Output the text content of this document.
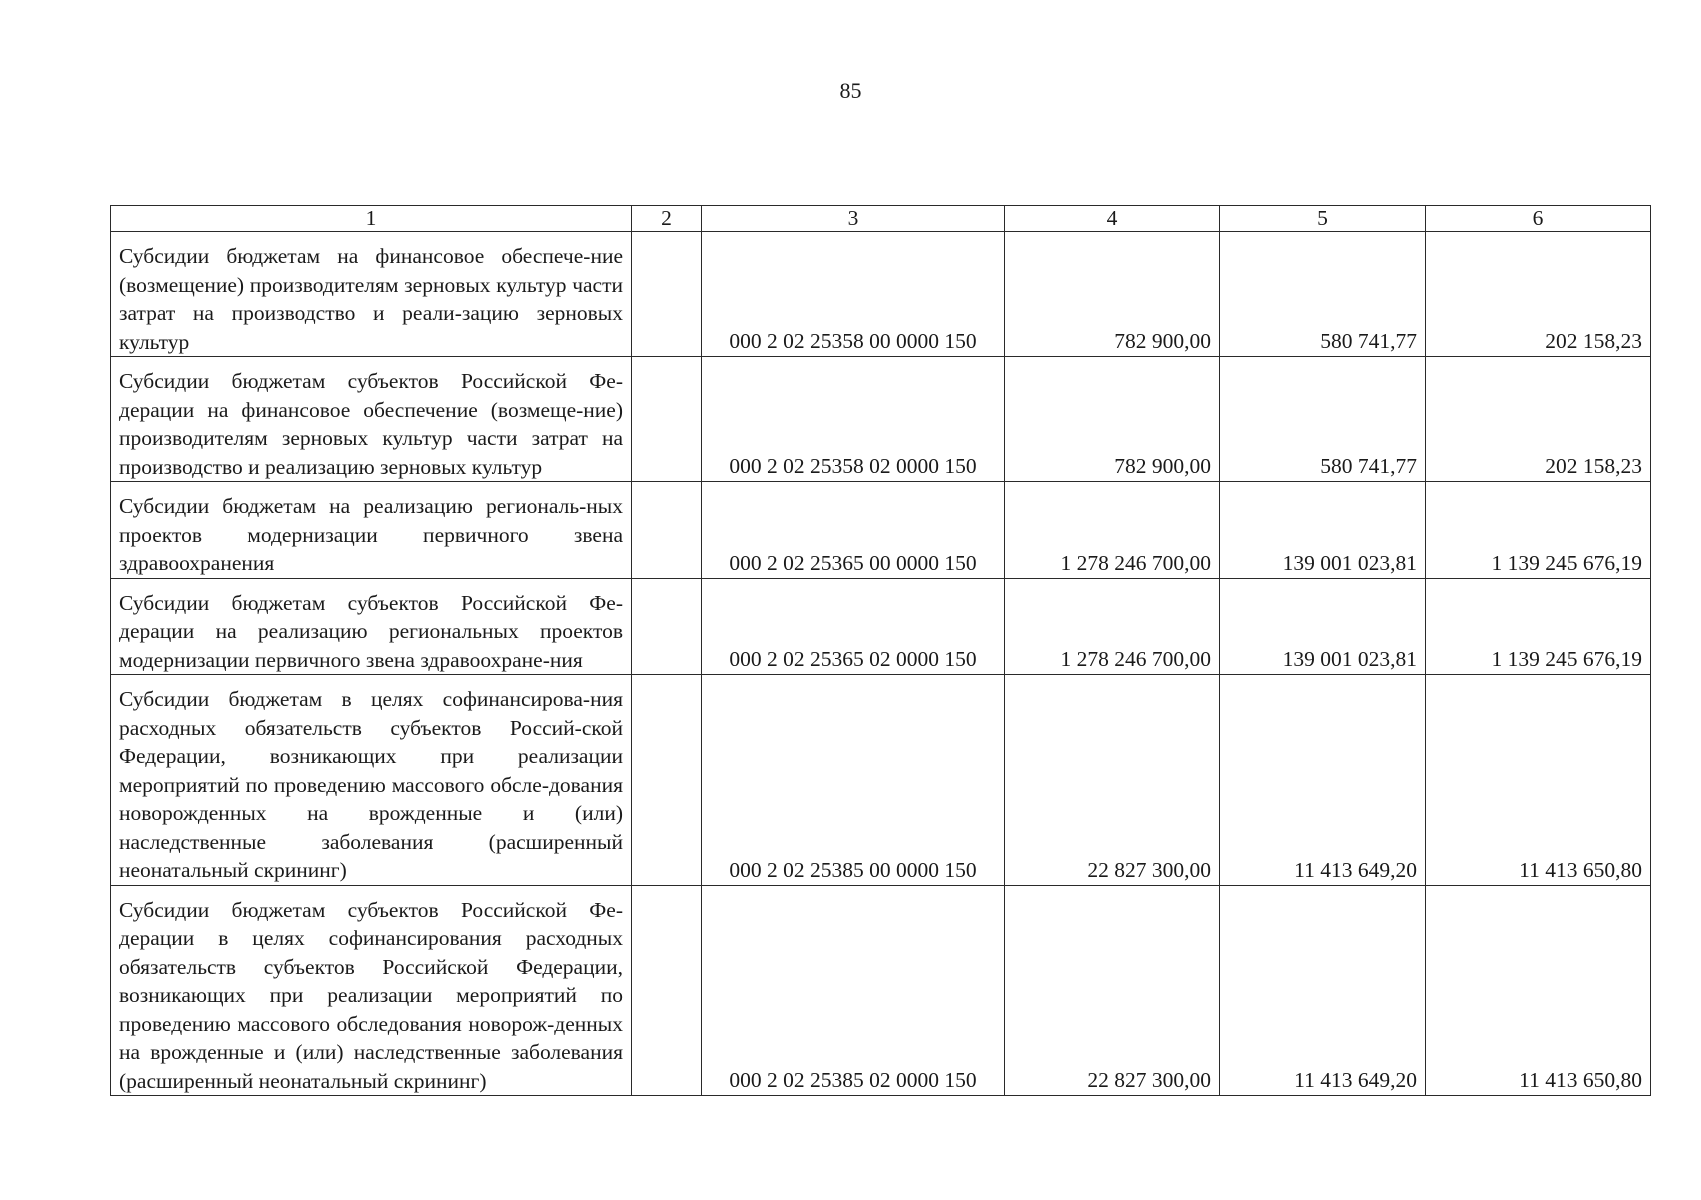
85
1	2	3	4	5	6
Субсидии бюджетам на финансовое обеспече-ние (возмещение) производителям зерновых культур части затрат на производство и реали-зацию зерновых культур		000 2 02 25358 00 0000 150	782 900,00	580 741,77	202 158,23
Субсидии бюджетам субъектов Российской Фе-дерации на финансовое обеспечение (возмеще-ние) производителям зерновых культур части затрат на производство и реализацию зерновых культур		000 2 02 25358 02 0000 150	782 900,00	580 741,77	202 158,23
Субсидии бюджетам на реализацию региональ-ных проектов модернизации первичного звена здравоохранения		000 2 02 25365 00 0000 150	1 278 246 700,00	139 001 023,81	1 139 245 676,19
Субсидии бюджетам субъектов Российской Фе-дерации на реализацию региональных проектов модернизации первичного звена здравоохране-ния		000 2 02 25365 02 0000 150	1 278 246 700,00	139 001 023,81	1 139 245 676,19
Субсидии бюджетам в целях софинансирова-ния расходных обязательств субъектов Россий-ской Федерации, возникающих при реализации мероприятий по проведению массового обсле-дования новорожденных на врожденные и (или) наследственные заболевания (расширенный неонатальный скрининг)		000 2 02 25385 00 0000 150	22 827 300,00	11 413 649,20	11 413 650,80
Субсидии бюджетам субъектов Российской Фе-дерации в целях софинансирования расходных обязательств субъектов Российской Федерации, возникающих при реализации мероприятий по проведению массового обследования новорож-денных на врожденные и (или) наследственные заболевания (расширенный неонатальный скрининг)		000 2 02 25385 02 0000 150	22 827 300,00	11 413 649,20	11 413 650,80
